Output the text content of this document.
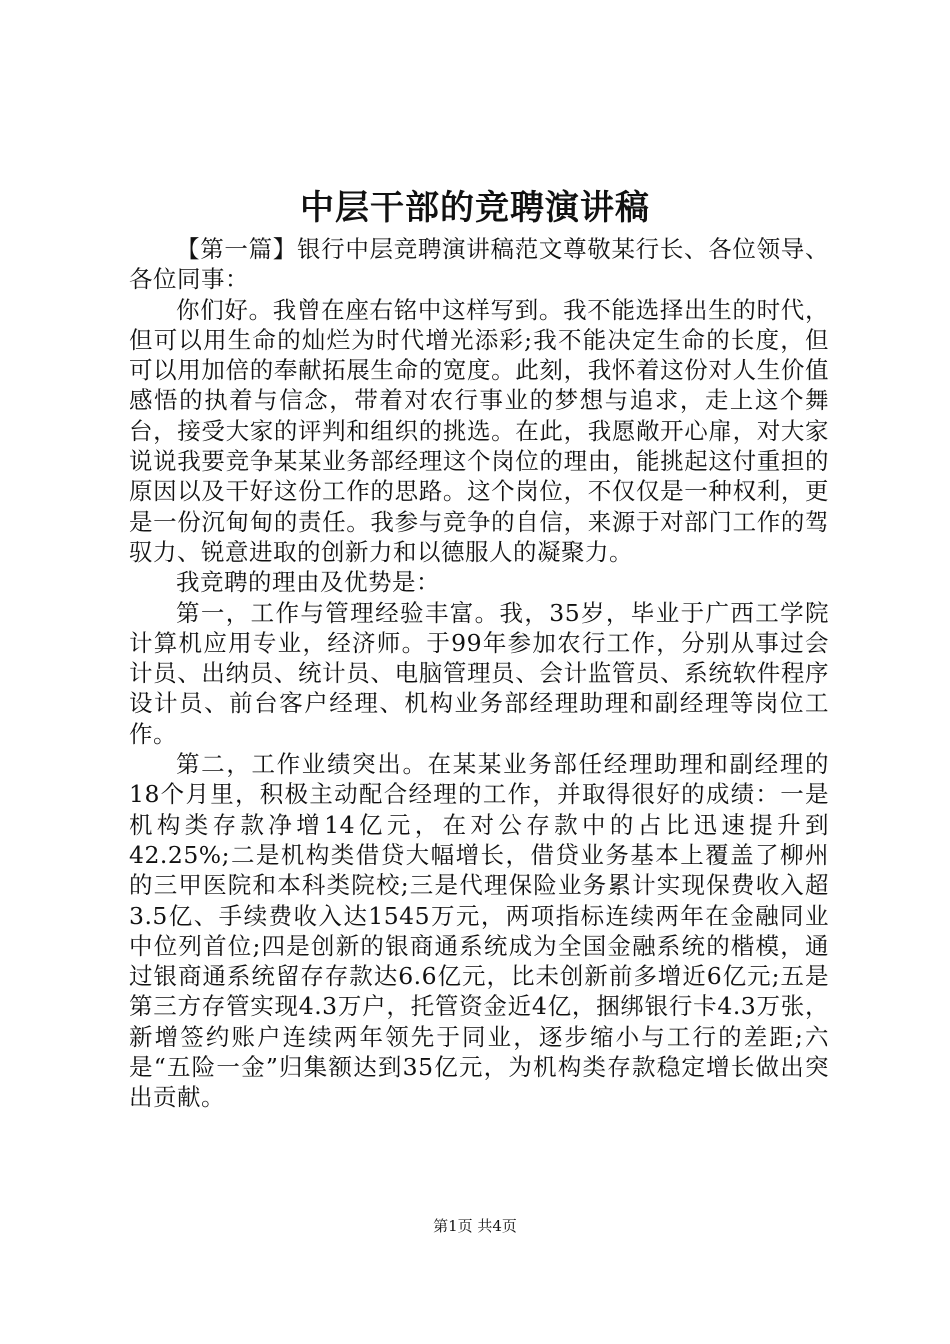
中层干部的竞聘演讲稿

【第一篇】银行中层竞聘演讲稿范文尊敬某行长、各位领导、各位同事：

你们好。我曾在座右铭中这样写到。我不能选择出生的时代，但可以用生命的灿烂为时代增光添彩;我不能决定生命的长度，但可以用加倍的奉献拓展生命的宽度。此刻，我怀着这份对人生价值感悟的执着与信念，带着对农行事业的梦想与追求，走上这个舞台，接受大家的评判和组织的挑选。在此，我愿敞开心扉，对大家说说我要竞争某某业务部经理这个岗位的理由，能挑起这付重担的原因以及干好这份工作的思路。这个岗位，不仅仅是一种权利，更是一份沉甸甸的责任。我参与竞争的自信，来源于对部门工作的驾驭力、锐意进取的创新力和以德服人的凝聚力。

我竞聘的理由及优势是：

第一，工作与管理经验丰富。我，35岁，毕业于广西工学院计算机应用专业，经济师。于99年参加农行工作，分别从事过会计员、出纳员、统计员、电脑管理员、会计监管员、系统软件程序设计员、前台客户经理、机构业务部经理助理和副经理等岗位工作。

第二，工作业绩突出。在某某业务部任经理助理和副经理的18个月里，积极主动配合经理的工作，并取得很好的成绩：一是机构类存款净增14亿元，在对公存款中的占比迅速提升到42.25%;二是机构类借贷大幅增长，借贷业务基本上覆盖了柳州的三甲医院和本科类院校;三是代理保险业务累计实现保费收入超3.5亿、手续费收入达1545万元，两项指标连续两年在金融同业中位列首位;四是创新的银商通系统成为全国金融系统的楷模，通过银商通系统留存存款达6.6亿元，比未创新前多增近6亿元;五是第三方存管实现4.3万户，托管资金近4亿，捆绑银行卡4.3万张，新增签约账户连续两年领先于同业，逐步缩小与工行的差距;六是“五险一金”归集额达到35亿元，为机构类存款稳定增长做出突出贡献。

第1页 共4页
